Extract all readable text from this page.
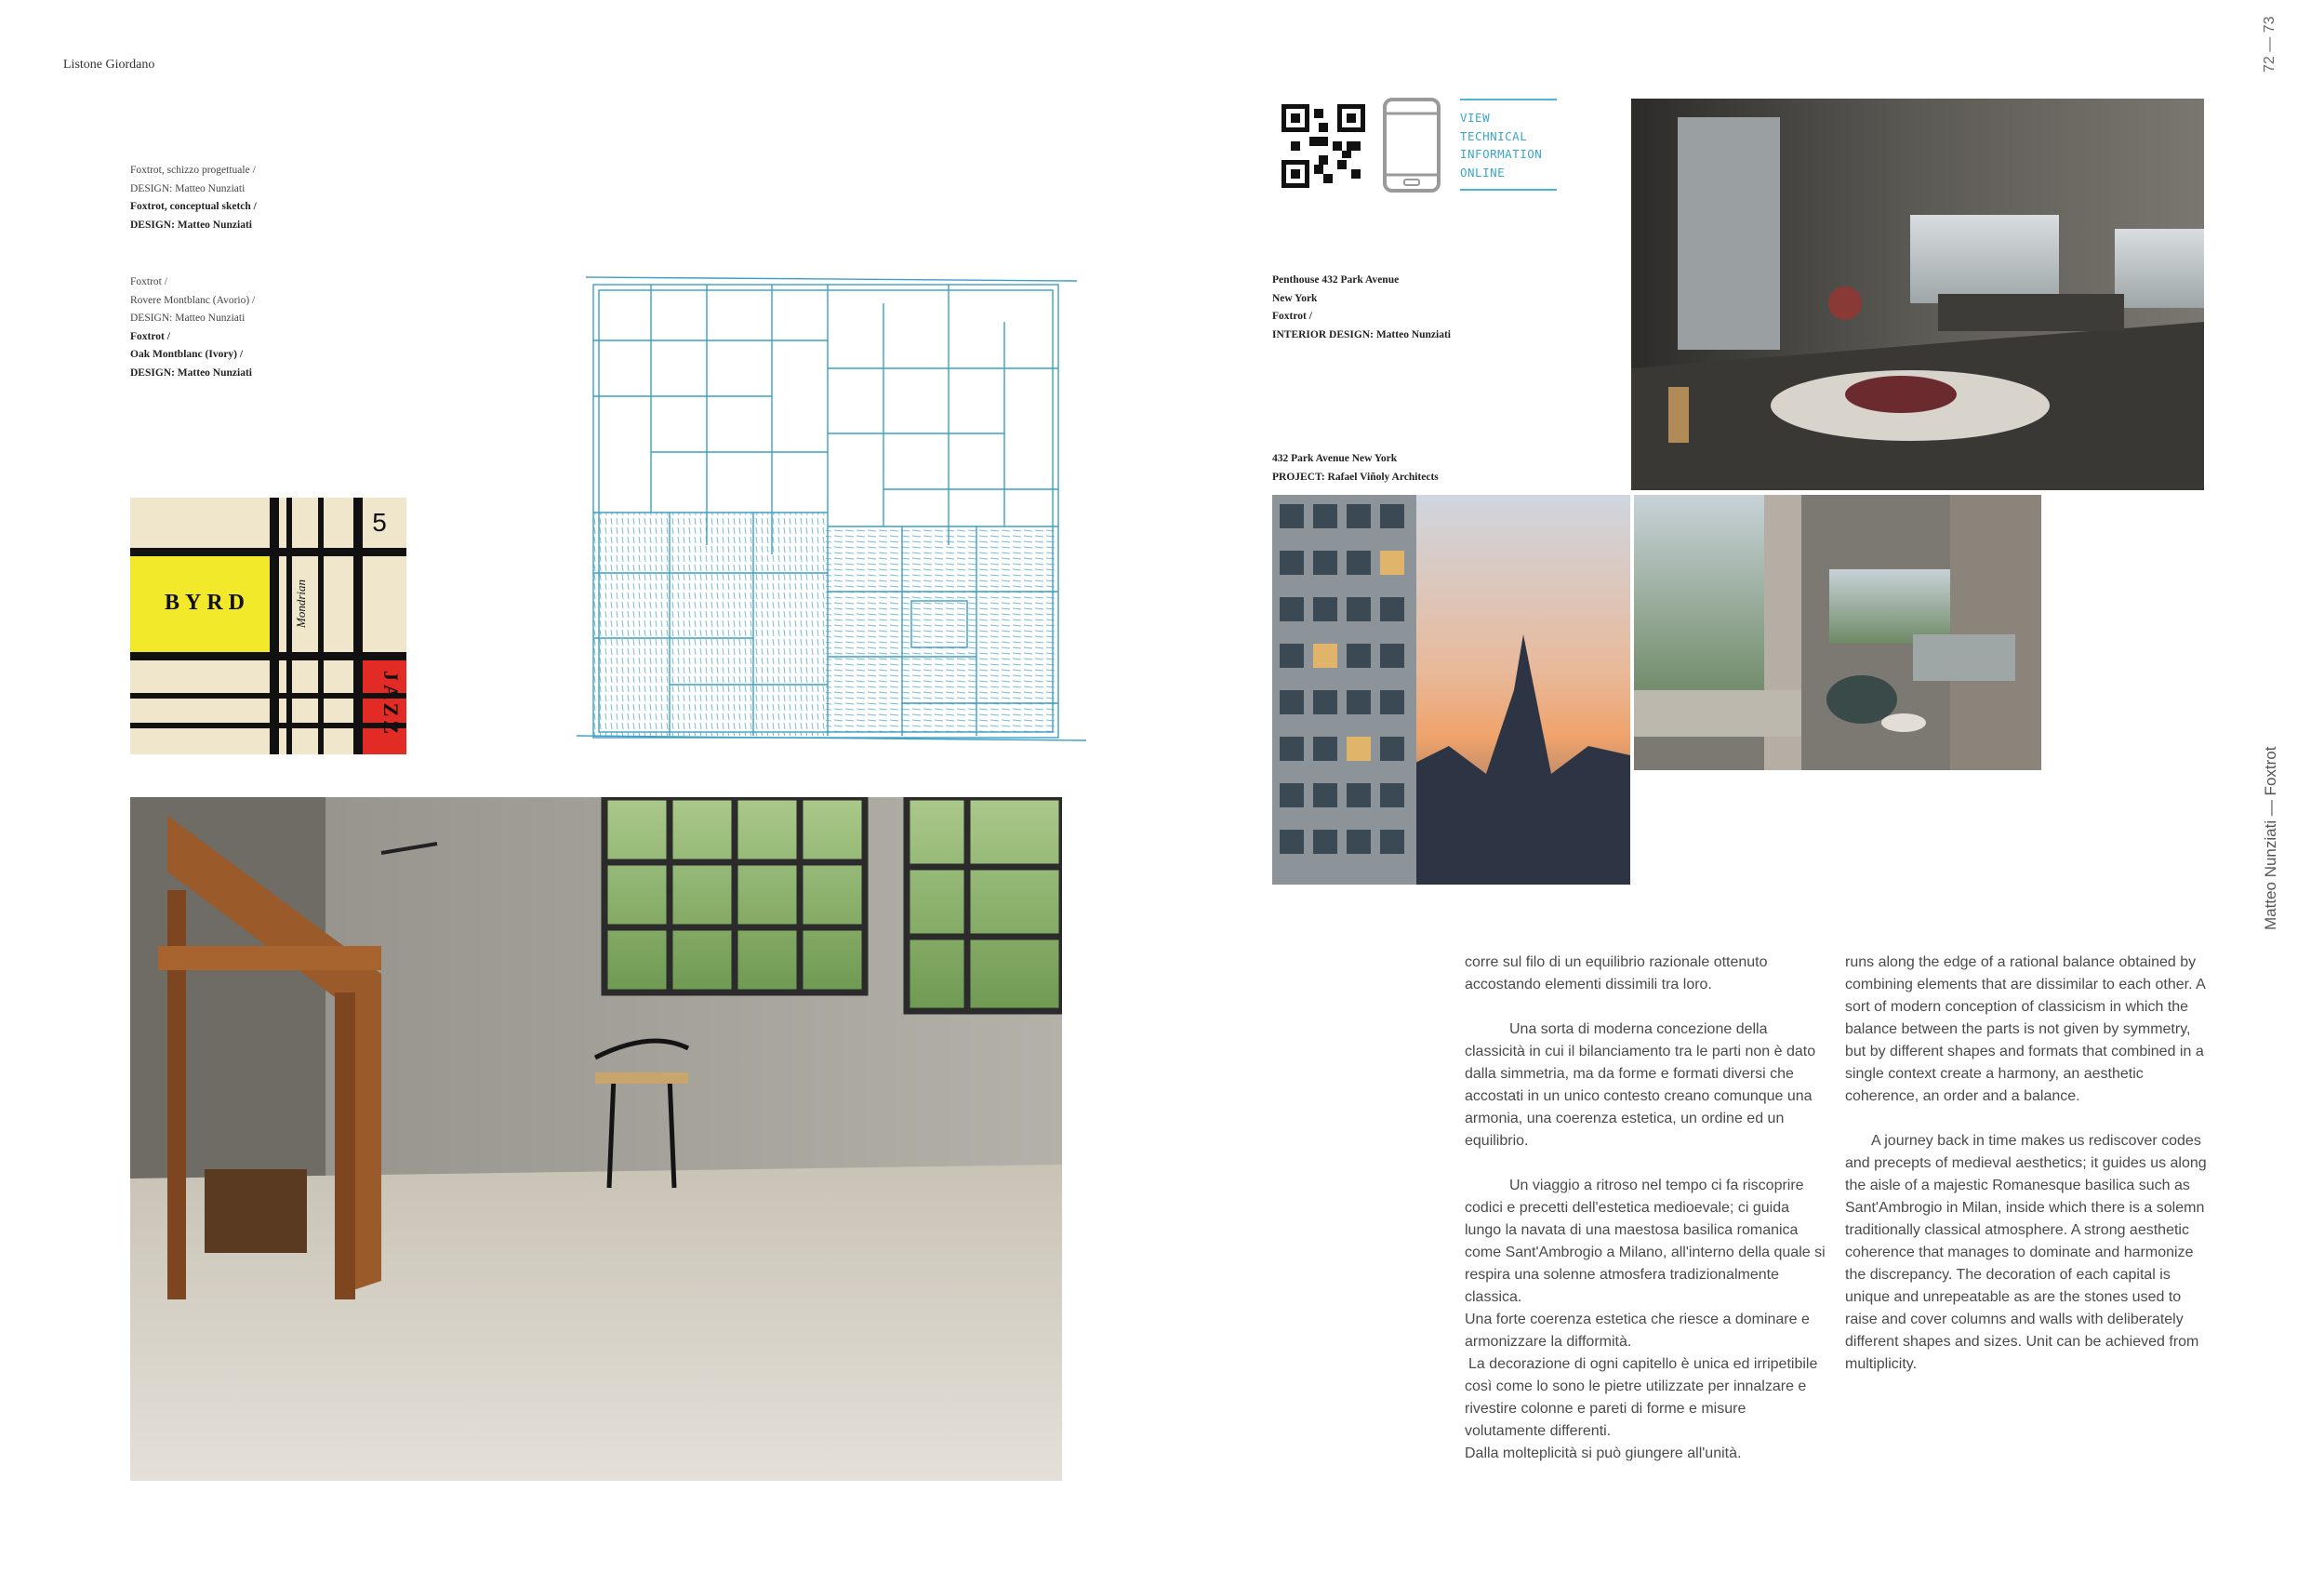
Listone Giordano	72 — 73
Matteo Nunziati — Foxtrot
Foxtrot, schizzo progettuale /
DESIGN: Matteo Nunziati
Foxtrot, conceptual sketch /
DESIGN: Matteo Nunziati
Foxtrot /
Rovere Montblanc (Avorio) /
DESIGN: Matteo Nunziati
Foxtrot /
Oak Montblanc (Ivory) /
DESIGN: Matteo Nunziati
Mondrian
BYRD
5
JAZZ
VIEW
TECHNICAL
INFORMATION
ONLINE
Penthouse 432 Park Avenue
New York
Foxtrot /
INTERIOR DESIGN: Matteo Nunziati
432 Park Avenue New York
PROJECT: Rafael Viñoly Architects

corre sul filo di un equilibrio razionale ottenuto

accostando elementi dissimili tra loro.

Una sorta di moderna concezione della classicità in cui il bilanciamento tra le parti non è dato dalla simmetria, ma da forme e formati diversi che accostati in un unico contesto creano comunque una armonia, una coerenza estetica, un ordine ed un equilibrio.

Un viaggio a ritroso nel tempo ci fa riscoprire codici e precetti dell'estetica medioevale; ci guida lungo la navata di una maestosa basilica romanica come Sant'Ambrogio a Milano, all'interno della quale si respira una solenne atmosfera tradizionalmente classica.

Una forte coerenza estetica che riesce a dominare e armonizzare la difformità.

La decorazione di ogni capitello è unica ed irripetibile così come lo sono le pietre utilizzate per innalzare e rivestire colonne e pareti di forme e misure volutamente differenti.

Dalla molteplicità si può giungere all'unità.

runs along the edge of a rational balance obtained by combining elements that are dissimilar to each other. A sort of modern conception of classicism in which the balance between the parts is not given by symmetry, but by different shapes and formats that combined in a single context create a harmony, an aesthetic coherence, an order and a balance.

A journey back in time makes us rediscover codes and precepts of medieval aesthetics; it guides us along the aisle of a majestic Romanesque basilica such as Sant'Ambrogio in Milan, inside which there is a solemn traditionally classical atmosphere. A strong aesthetic coherence that manages to dominate and harmonize the discrepancy. The decoration of each capital is unique and unrepeatable as are the stones used to raise and cover columns and walls with deliberately different shapes and sizes. Unit can be achieved from multiplicity.
